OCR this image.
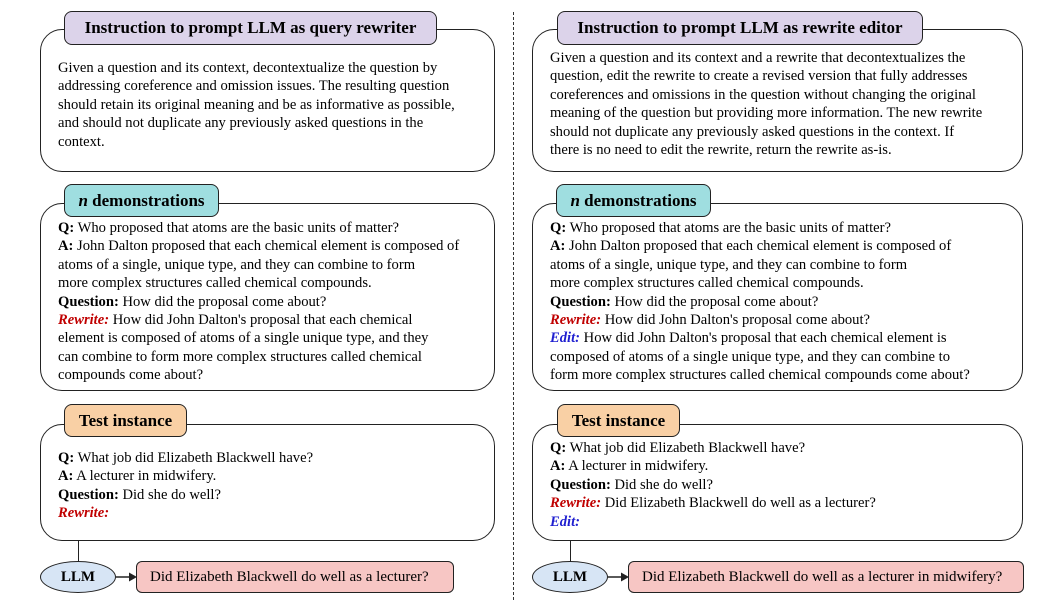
Instruction to prompt LLM as query rewriter

Given a question and its context, decontextualize the question by
addressing coreference and omission issues. The resulting question
should retain its original meaning and be as informative as possible,
and should not duplicate any previously asked questions in the
context.

n demonstrations
Q: Who proposed that atoms are the basic units of matter?
A: John Dalton proposed that each chemical element is composed of
atoms of a single, unique type, and they can combine to form
more complex structures called chemical compounds.
Question: How did the proposal come about?
Rewrite: How did John Dalton's proposal that each chemical
element is composed of atoms of a single unique type, and they
can combine to form more complex structures called chemical
compounds come about?
Test instance
Q: What job did Elizabeth Blackwell have?
A: A lecturer in midwifery.
Question: Did she do well?
Rewrite:
LLM	Did Elizabeth Blackwell do well as a lecturer?
Instruction to prompt LLM as rewrite editor

Given a question and its context and a rewrite that decontextualizes the
question, edit the rewrite to create a revised version that fully addresses
coreferences and omissions in the question without changing the original
meaning of the question but providing more information. The new rewrite
should not duplicate any previously asked questions in the context. If
there is no need to edit the rewrite, return the rewrite as-is.

n demonstrations
Q: Who proposed that atoms are the basic units of matter?
A: John Dalton proposed that each chemical element is composed of
atoms of a single, unique type, and they can combine to form
more complex structures called chemical compounds.
Question: How did the proposal come about?
Rewrite: How did John Dalton's proposal come about?
Edit: How did John Dalton's proposal that each chemical element is
composed of atoms of a single unique type, and they can combine to
form more complex structures called chemical compounds come about?
Test instance
Q: What job did Elizabeth Blackwell have?
A: A lecturer in midwifery.
Question: Did she do well?
Rewrite: Did Elizabeth Blackwell do well as a lecturer?
Edit:
LLM	Did Elizabeth Blackwell do well as a lecturer in midwifery?
